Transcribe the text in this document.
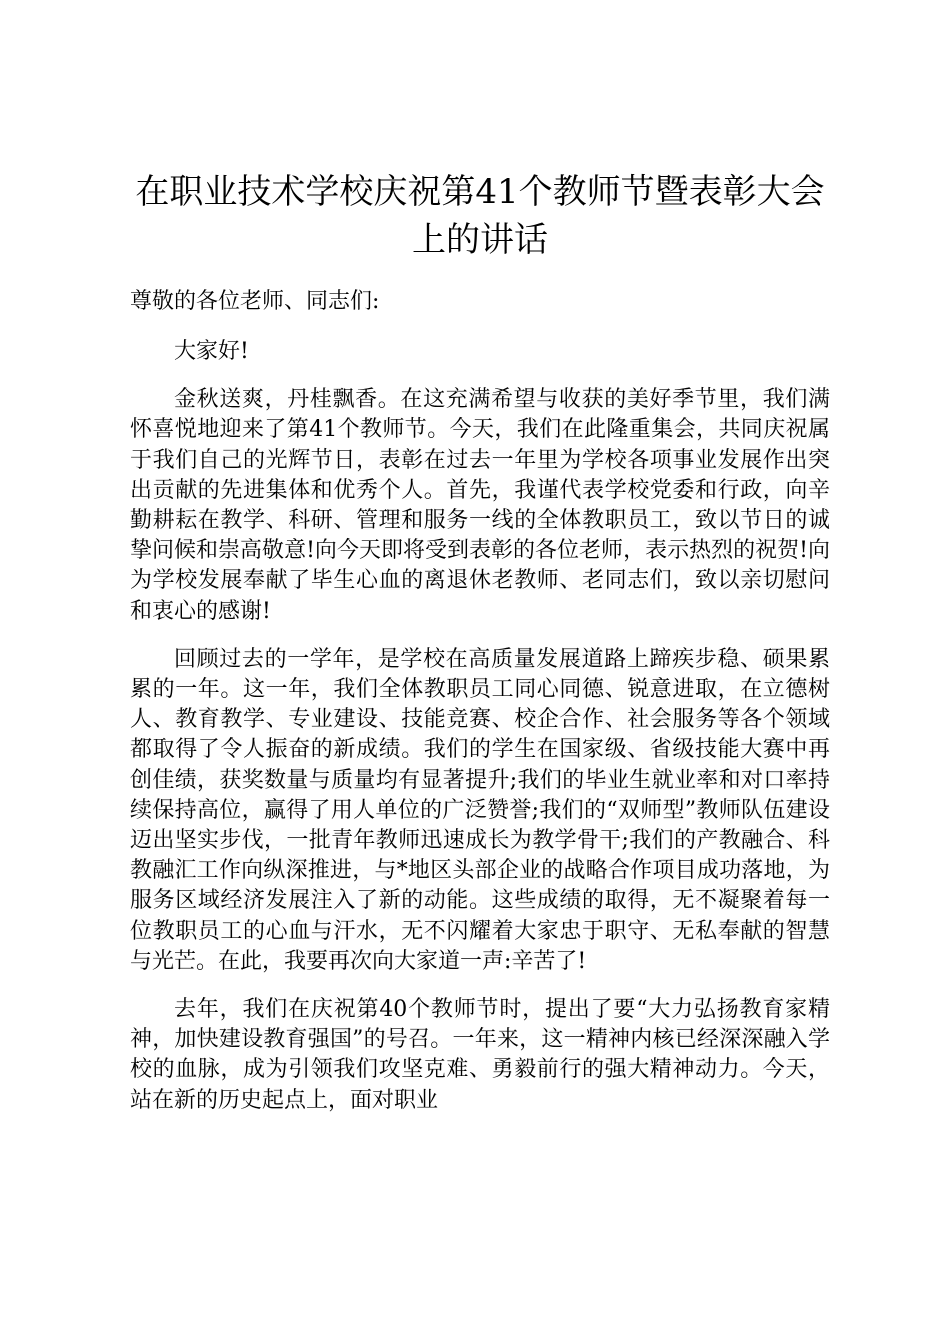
在职业技术学校庆祝第41个教师节暨表彰大会上的讲话
尊敬的各位老师、同志们:

大家好!

金秋送爽，丹桂飘香。在这充满希望与收获的美好季节里，我们满怀喜悦地迎来了第41个教师节。今天，我们在此隆重集会，共同庆祝属于我们自己的光辉节日，表彰在过去一年里为学校各项事业发展作出突出贡献的先进集体和优秀个人。首先，我谨代表学校党委和行政，向辛勤耕耘在教学、科研、管理和服务一线的全体教职员工，致以节日的诚挚问候和崇高敬意!向今天即将受到表彰的各位老师，表示热烈的祝贺!向为学校发展奉献了毕生心血的离退休老教师、老同志们，致以亲切慰问和衷心的感谢!

回顾过去的一学年，是学校在高质量发展道路上蹄疾步稳、硕果累累的一年。这一年，我们全体教职员工同心同德、锐意进取，在立德树人、教育教学、专业建设、技能竞赛、校企合作、社会服务等各个领域都取得了令人振奋的新成绩。我们的学生在国家级、省级技能大赛中再创佳绩，获奖数量与质量均有显著提升;我们的毕业生就业率和对口率持续保持高位，赢得了用人单位的广泛赞誉;我们的“双师型”教师队伍建设迈出坚实步伐，一批青年教师迅速成长为教学骨干;我们的产教融合、科教融汇工作向纵深推进，与*地区头部企业的战略合作项目成功落地，为服务区域经济发展注入了新的动能。这些成绩的取得，无不凝聚着每一位教职员工的心血与汗水，无不闪耀着大家忠于职守、无私奉献的智慧与光芒。在此，我要再次向大家道一声:辛苦了!

去年，我们在庆祝第40个教师节时，提出了要“大力弘扬教育家精神，加快建设教育强国”的号召。一年来，这一精神内核已经深深融入学校的血脉，成为引领我们攻坚克难、勇毅前行的强大精神动力。今天，站在新的历史起点上，面对职业
